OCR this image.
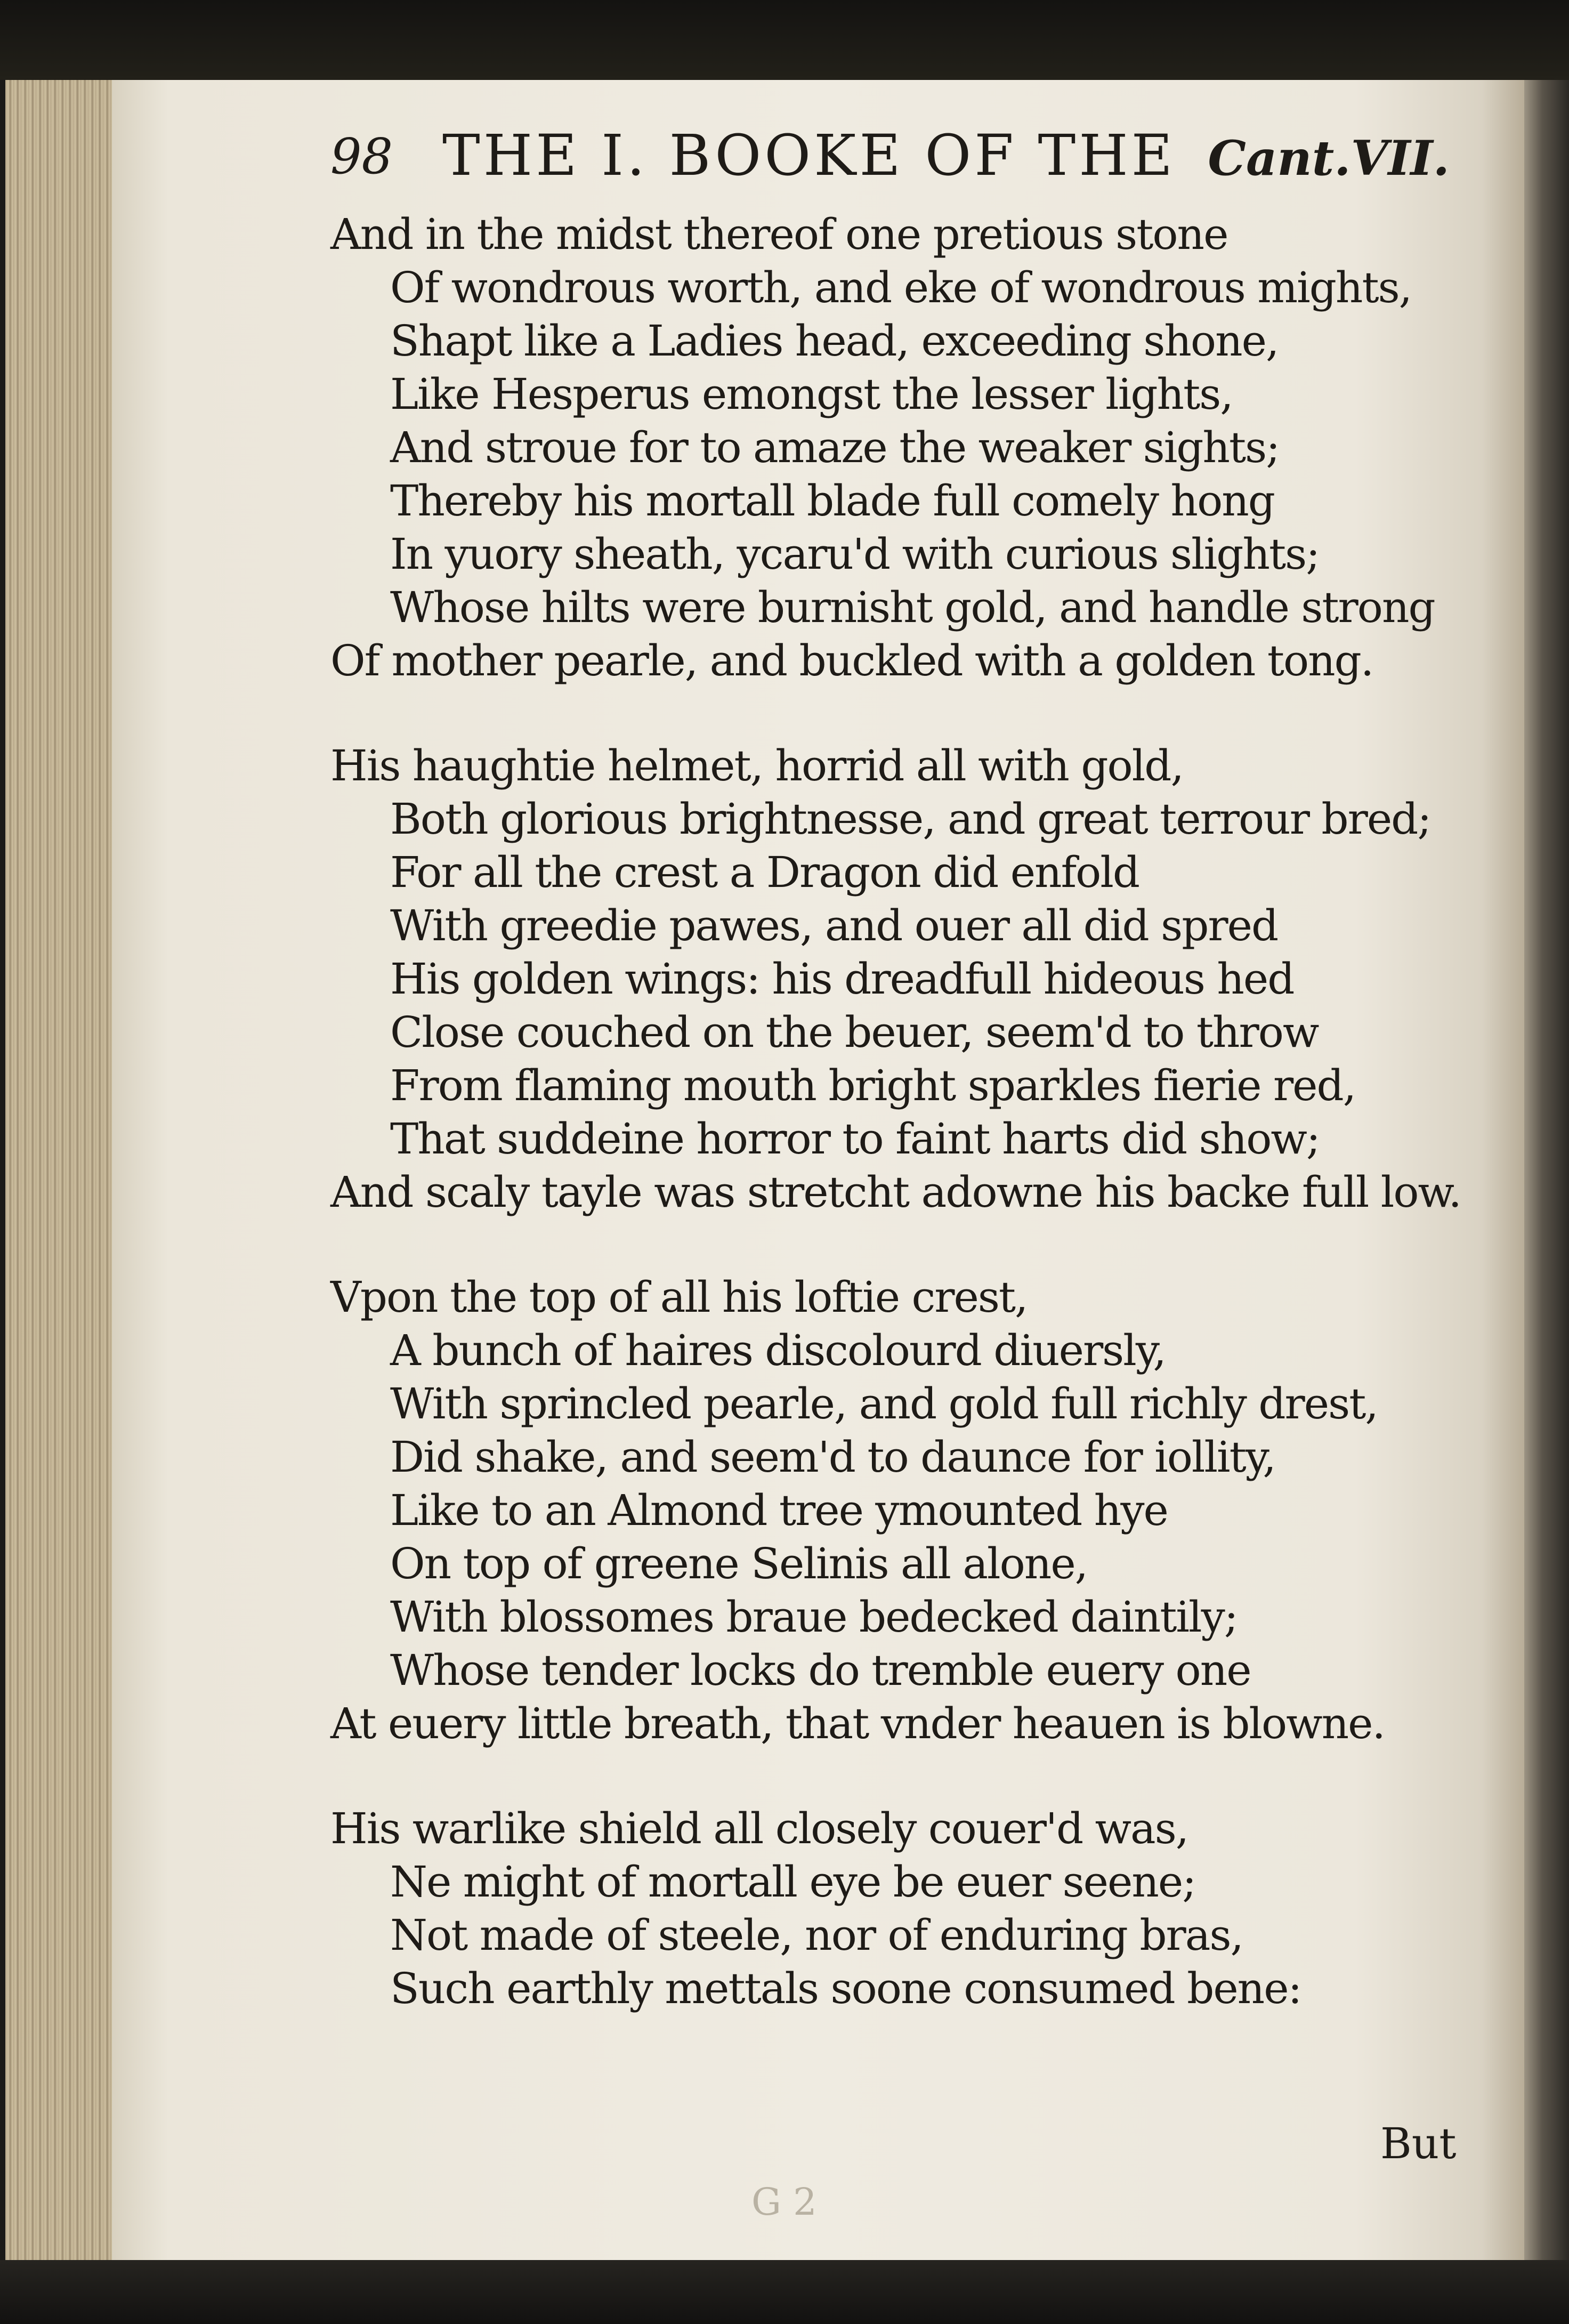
98 THE I. BOOKE OF THE Cant.VII.
And in the midst thereof one pretious stone
Of wondrous worth, and eke of wondrous mights,
Shapt like a Ladies head, exceeding shone,
Like Hesperus emongst the lesser lights,
And stroue for to amaze the weaker sights;
Thereby his mortall blade full comely hong
In yuory sheath, ycaru'd with curious slights;
Whose hilts were burnisht gold, and handle strong
Of mother pearle, and buckled with a golden tong.
His haughtie helmet, horrid all with gold,
Both glorious brightnesse, and great terrour bred;
For all the crest a Dragon did enfold
With greedie pawes, and ouer all did spred
His golden wings: his dreadfull hideous hed
Close couched on the beuer, seem'd to throw
From flaming mouth bright sparkles fierie red,
That suddeine horror to faint harts did show;
And scaly tayle was stretcht adowne his backe full low.
Vpon the top of all his loftie crest,
A bunch of haires discolourd diuersly,
With sprincled pearle, and gold full richly drest,
Did shake, and seem'd to daunce for iollity,
Like to an Almond tree ymounted hye
On top of greene Selinis all alone,
With blossomes braue bedecked daintily;
Whose tender locks do tremble euery one
At euery little breath, that vnder heauen is blowne.
His warlike shield all closely couer'd was,
Ne might of mortall eye be euer seene;
Not made of steele, nor of enduring bras,
Such earthly mettals soone consumed bene:
But
G 2
